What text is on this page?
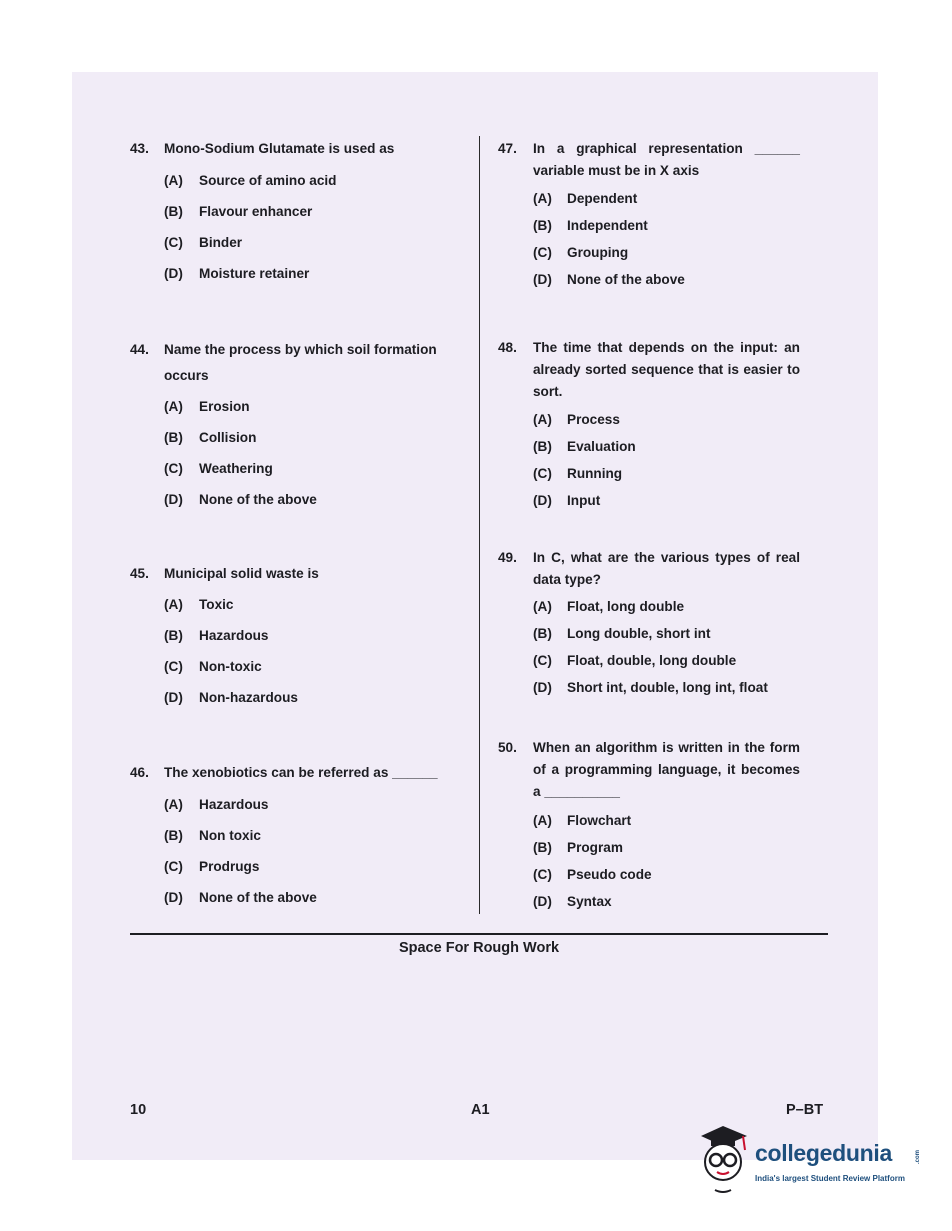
43.	Mono-Sodium Glutamate is used as
(A)	Source of amino acid
(B)	Flavour enhancer
(C)	Binder
(D)	Moisture retainer
44.	Name the process by which soil formation occurs
(A)	Erosion
(B)	Collision
(C)	Weathering
(D)	None of the above
45.	Municipal solid waste is
(A)	Toxic
(B)	Hazardous
(C)	Non-toxic
(D)	Non-hazardous
46.	The xenobiotics can be referred as ______
(A)	Hazardous
(B)	Non toxic
(C)	Prodrugs
(D)	None of the above
47.	In a graphical representation ______ variable must be in X axis
(A)	Dependent
(B)	Independent
(C)	Grouping
(D)	None of the above
48.	The time that depends on the input: an already sorted sequence that is easier to sort.
(A)	Process
(B)	Evaluation
(C)	Running
(D)	Input
49.	In C, what are the various types of real data type?
(A)	Float, long double
(B)	Long double, short int
(C)	Float, double, long double
(D)	Short int, double, long int, float
50.	When an algorithm is written in the form of a programming language, it becomes a __________
(A)	Flowchart
(B)	Program
(C)	Pseudo code
(D)	Syntax
Space For Rough Work
10	A1	P–BT
collegedunia	.com
India's largest Student Review Platform
